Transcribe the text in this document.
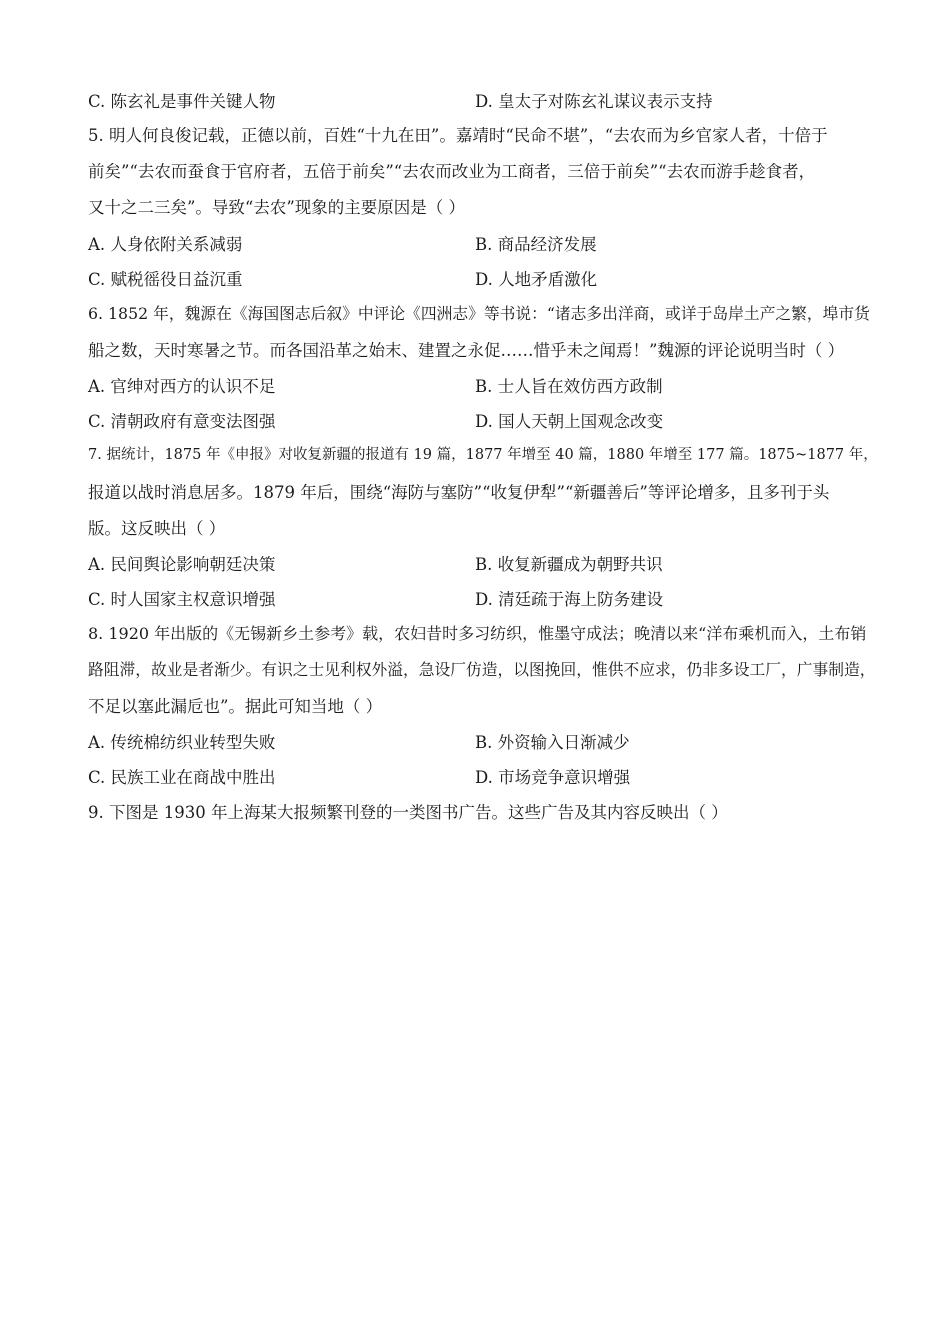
C. 陈玄礼是事件关键人物	D. 皇太子对陈玄礼谋议表示支持
5. 明人何良俊记载，正德以前，百姓“十九在田”。嘉靖时“民命不堪”，“去农而为乡官家人者，十倍于
前矣”“去农而蚕食于官府者，五倍于前矣”“去农而改业为工商者，三倍于前矣”“去农而游手趁食者，
又十之二三矣”。导致“去农”现象的主要原因是（ ）
A. 人身依附关系减弱	B. 商品经济发展
C. 赋税徭役日益沉重	D. 人地矛盾激化
6. 1852 年，魏源在《海国图志后叙》中评论《四洲志》等书说：“诸志多出洋商，或详于岛岸土产之繁，埠市货
船之数，天时寒暑之节。而各国沿革之始末、建置之永促……惜乎未之闻焉！”魏源的评论说明当时（ ）
A. 官绅对西方的认识不足	B. 士人旨在效仿西方政制
C. 清朝政府有意变法图强	D. 国人天朝上国观念改变
7. 据统计，1875 年《申报》对收复新疆的报道有 19 篇，1877 年增至 40 篇，1880 年增至 177 篇。1875~1877 年，
报道以战时消息居多。1879 年后，围绕“海防与塞防”“收复伊犁”“新疆善后”等评论增多，且多刊于头
版。这反映出（ ）
A. 民间舆论影响朝廷决策	B. 收复新疆成为朝野共识
C. 时人国家主权意识增强	D. 清廷疏于海上防务建设
8. 1920 年出版的《无锡新乡土参考》载，农妇昔时多习纺织，惟墨守成法；晚清以来“洋布乘机而入，土布销
路阻滞，故业是者渐少。有识之士见利权外溢，急设厂仿造，以图挽回，惟供不应求，仍非多设工厂，广事制造，
不足以塞此漏卮也”。据此可知当地（ ）
A. 传统棉纺织业转型失败	B. 外资输入日渐减少
C. 民族工业在商战中胜出	D. 市场竞争意识增强
9. 下图是 1930 年上海某大报频繁刊登的一类图书广告。这些广告及其内容反映出（ ）
